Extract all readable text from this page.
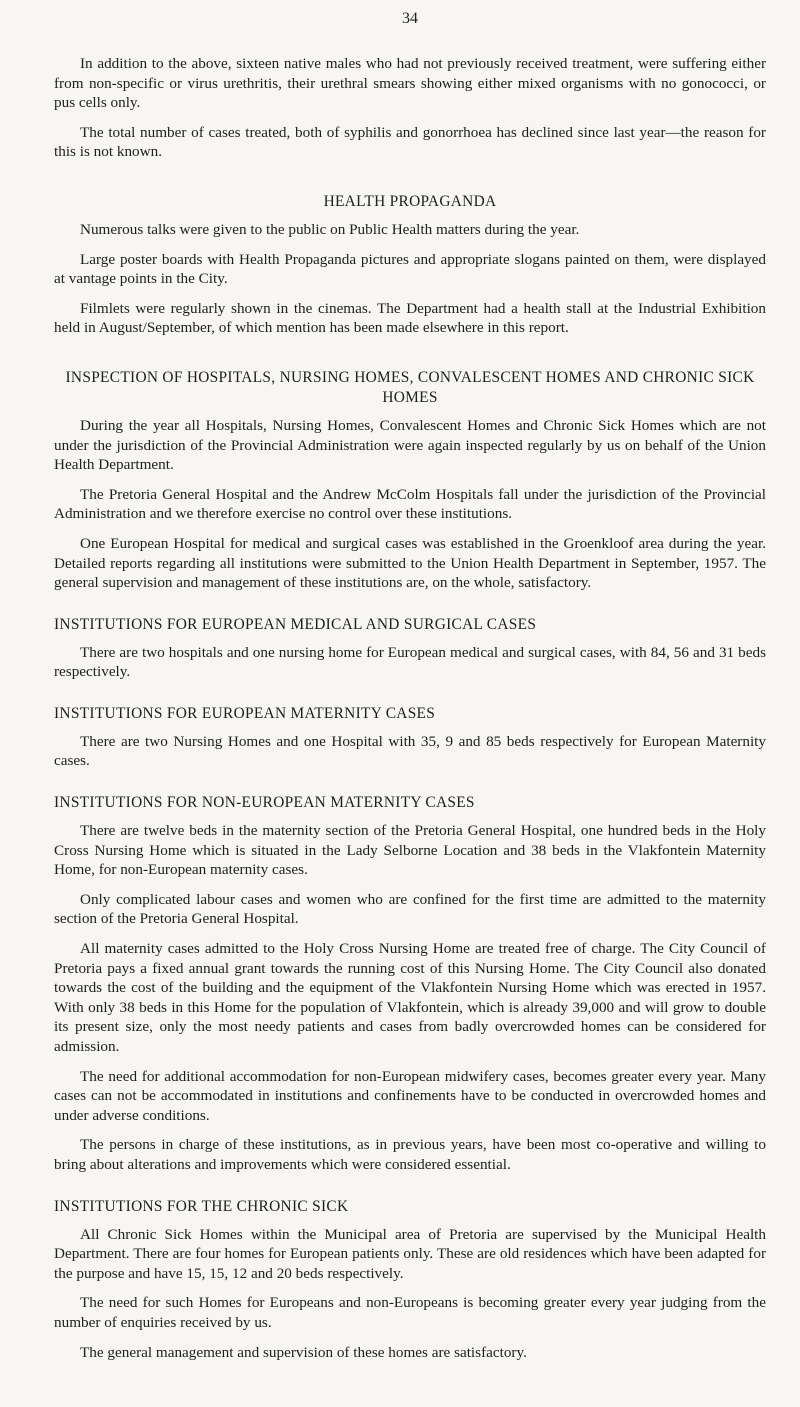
34

In addition to the above, sixteen native males who had not previously received treatment, were suffering either from non-specific or virus urethritis, their urethral smears showing either mixed organisms with no gonococci, or pus cells only.

The total number of cases treated, both of syphilis and gonorrhoea has declined since last year—the reason for this is not known.

HEALTH PROPAGANDA

Numerous talks were given to the public on Public Health matters during the year.

Large poster boards with Health Propaganda pictures and appropriate slogans painted on them, were displayed at vantage points in the City.

Filmlets were regularly shown in the cinemas. The Department had a health stall at the Industrial Exhibition held in August/September, of which mention has been made elsewhere in this report.

INSPECTION OF HOSPITALS, NURSING HOMES, CONVALESCENT HOMES AND CHRONIC SICK HOMES

During the year all Hospitals, Nursing Homes, Convalescent Homes and Chronic Sick Homes which are not under the jurisdiction of the Provincial Administration were again inspected regularly by us on behalf of the Union Health Department.

The Pretoria General Hospital and the Andrew McColm Hospitals fall under the jurisdiction of the Provincial Administration and we therefore exercise no control over these institutions.

One European Hospital for medical and surgical cases was established in the Groenkloof area during the year. Detailed reports regarding all institutions were submitted to the Union Health Department in September, 1957. The general supervision and management of these institutions are, on the whole, satisfactory.

INSTITUTIONS FOR EUROPEAN MEDICAL AND SURGICAL CASES

There are two hospitals and one nursing home for European medical and surgical cases, with 84, 56 and 31 beds respectively.

INSTITUTIONS FOR EUROPEAN MATERNITY CASES

There are two Nursing Homes and one Hospital with 35, 9 and 85 beds respectively for European Maternity cases.

INSTITUTIONS FOR NON-EUROPEAN MATERNITY CASES

There are twelve beds in the maternity section of the Pretoria General Hospital, one hundred beds in the Holy Cross Nursing Home which is situated in the Lady Selborne Location and 38 beds in the Vlakfontein Maternity Home, for non-European maternity cases.

Only complicated labour cases and women who are confined for the first time are admitted to the maternity section of the Pretoria General Hospital.

All maternity cases admitted to the Holy Cross Nursing Home are treated free of charge. The City Council of Pretoria pays a fixed annual grant towards the running cost of this Nursing Home. The City Council also donated towards the cost of the building and the equipment of the Vlakfontein Nursing Home which was erected in 1957. With only 38 beds in this Home for the population of Vlakfontein, which is already 39,000 and will grow to double its present size, only the most needy patients and cases from badly overcrowded homes can be considered for admission.

The need for additional accommodation for non-European midwifery cases, becomes greater every year. Many cases can not be accommodated in institutions and confinements have to be conducted in overcrowded homes and under adverse conditions.

The persons in charge of these institutions, as in previous years, have been most co-operative and willing to bring about alterations and improvements which were considered essential.

INSTITUTIONS FOR THE CHRONIC SICK

All Chronic Sick Homes within the Municipal area of Pretoria are supervised by the Municipal Health Department. There are four homes for European patients only. These are old residences which have been adapted for the purpose and have 15, 15, 12 and 20 beds respectively.

The need for such Homes for Europeans and non-Europeans is becoming greater every year judging from the number of enquiries received by us.

The general management and supervision of these homes are satisfactory.
